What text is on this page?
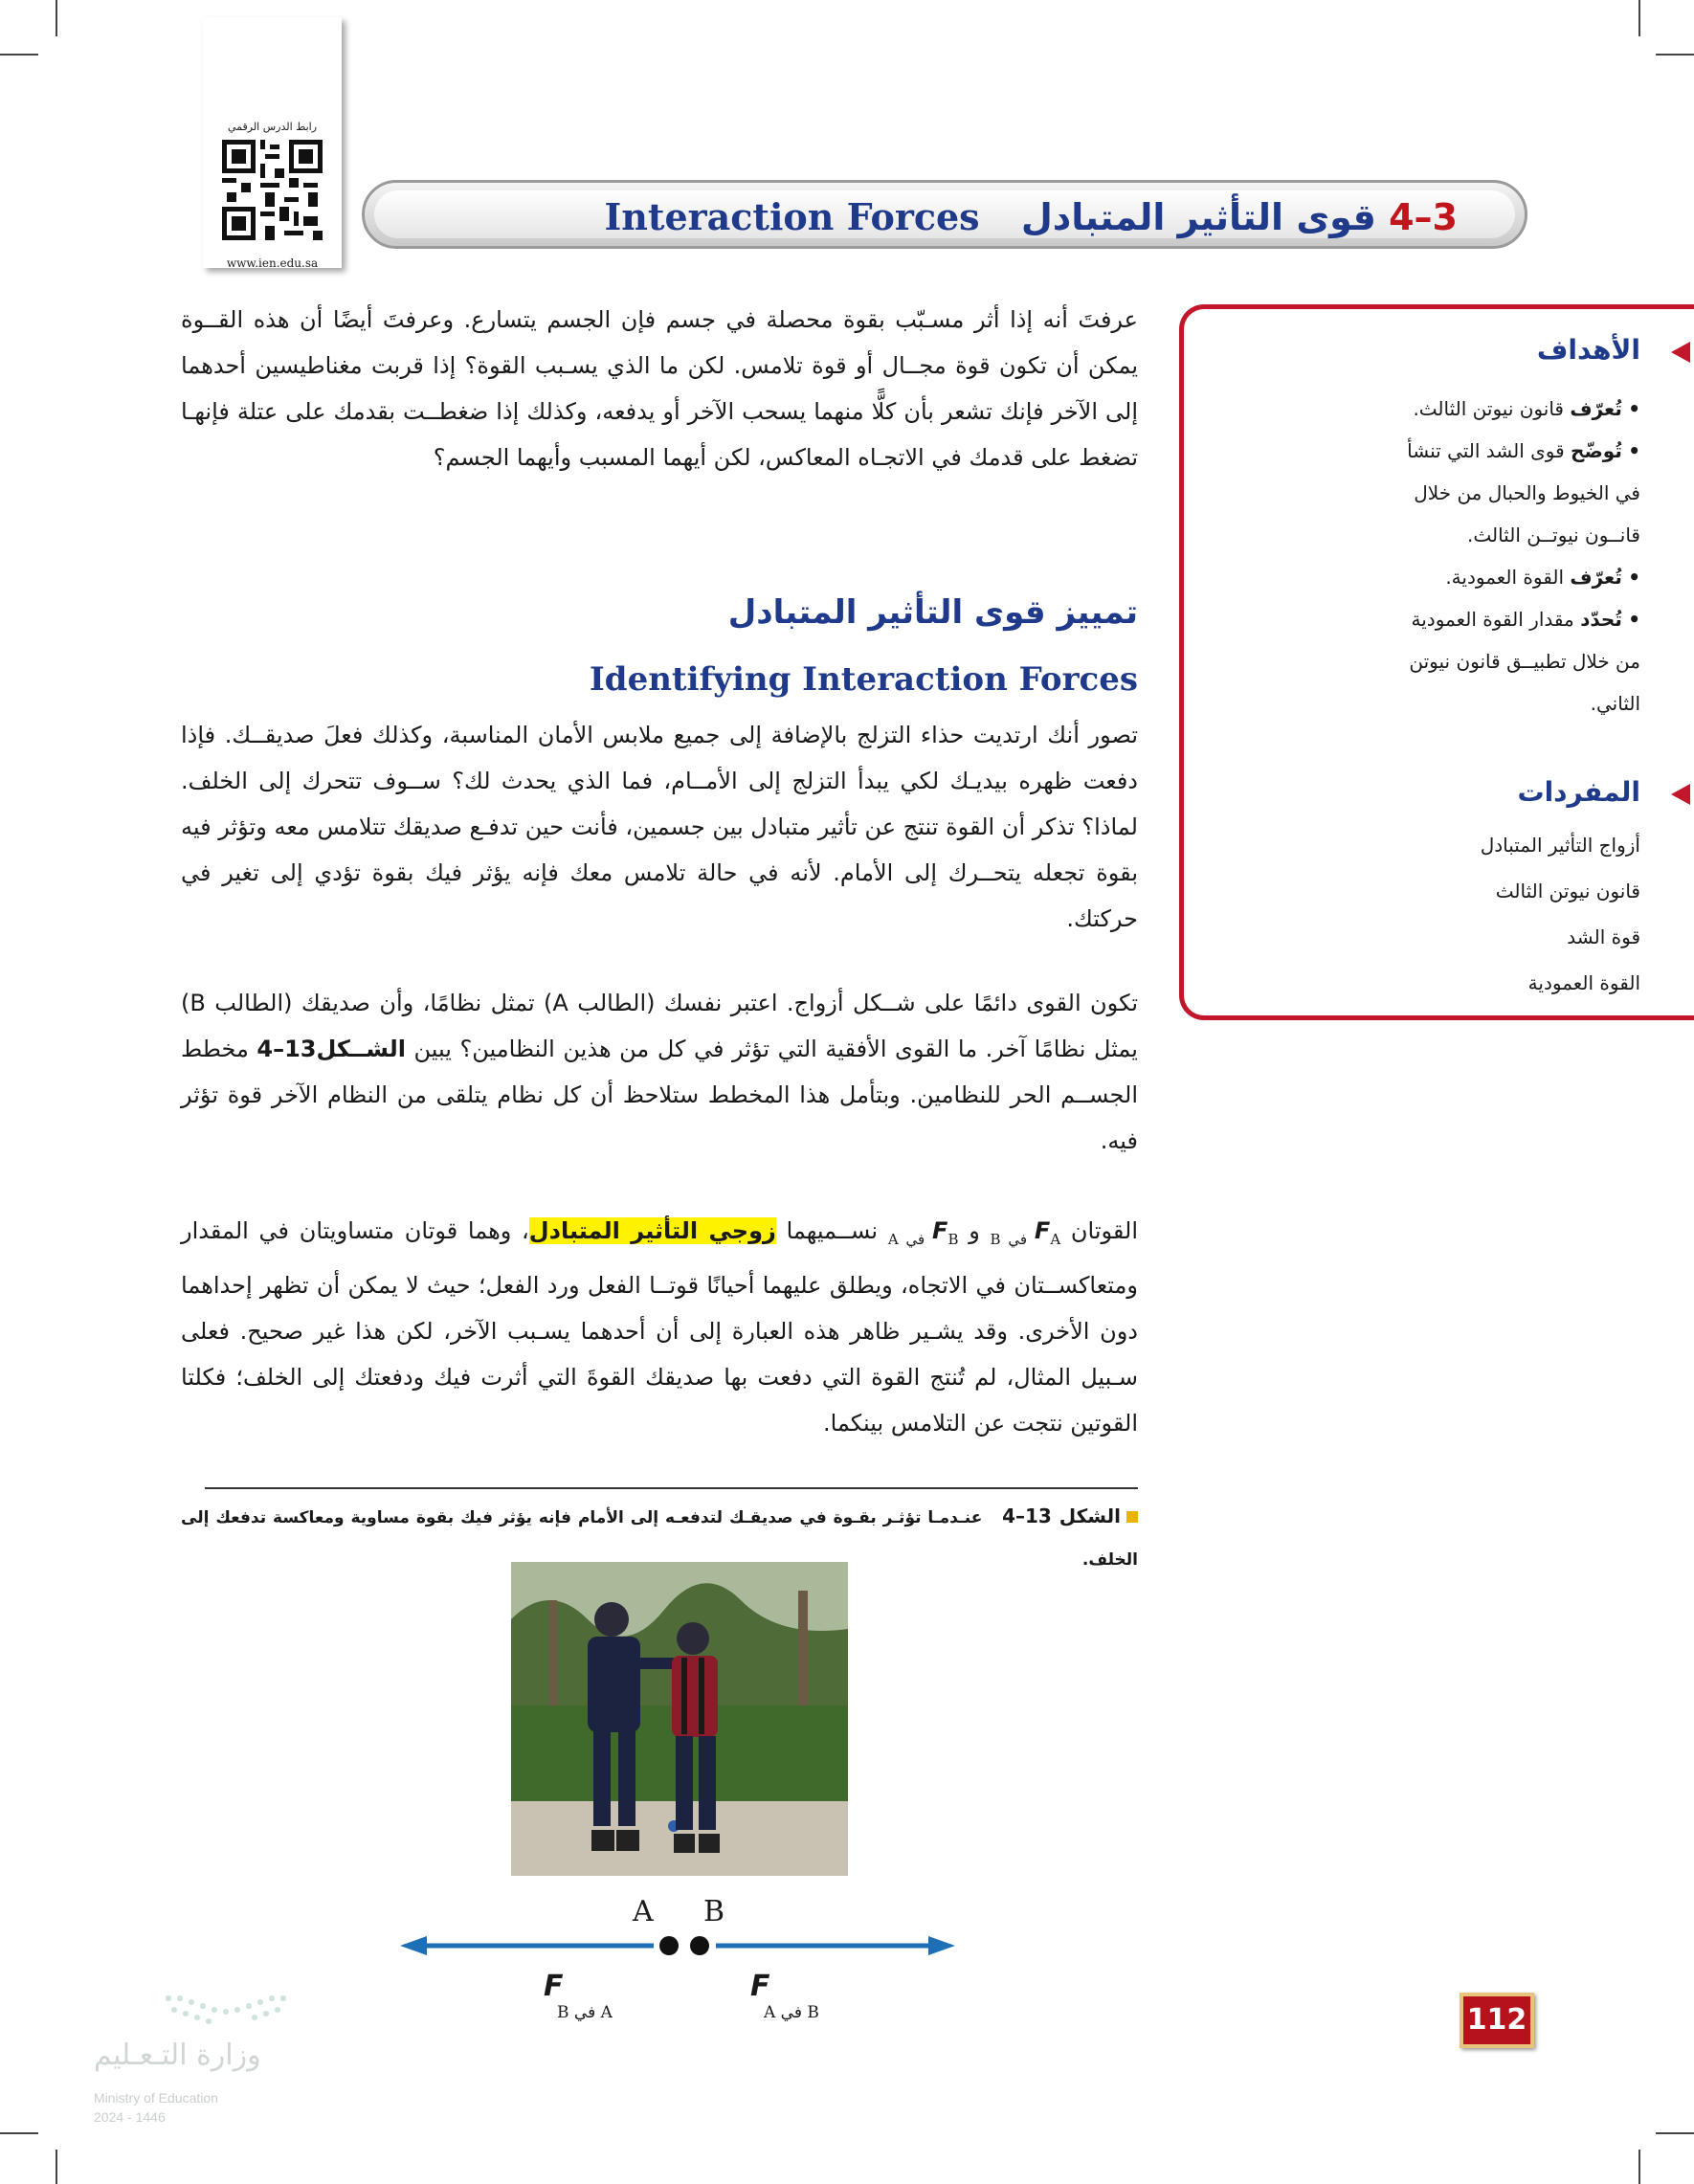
رابط الدرس الرقمي
www.ien.edu.sa
3–4 قوى التأثير المتبادل Interaction Forces
الأهداف
• تُعرّف قانون نيوتن الثالث.
• تُوضّح قوى الشد التي تنشأ في الخيوط والحبال من خلال قانــون نيوتــن الثالث.
• تُعرّف القوة العمودية.
• تُحدّد مقدار القوة العمودية من خلال تطبيــق قانون نيوتن الثاني.
المفردات
أزواج التأثير المتبادل
قانون نيوتن الثالث
قوة الشد
القوة العمودية
عرفتَ أنه إذا أثر مسـبّب بقوة محصلة في جسم فإن الجسم يتسارع. وعرفتَ أيضًا أن هذه القــوة يمكن أن تكون قوة مجــال أو قوة تلامس. لكن ما الذي يسـبب القوة؟ إذا قربت مغناطيسين أحدهما إلى الآخر فإنك تشعر بأن كلًّا منهما يسحب الآخر أو يدفعه، وكذلك إذا ضغطــت بقدمك على عتلة فإنهـا تضغط على قدمك في الاتجـاه المعاكس، لكن أيهما المسبب وأيهما الجسم؟
تمييز قوى التأثير المتبادل
Identifying Interaction Forces
تصور أنك ارتديت حذاء التزلج بالإضافة إلى جميع ملابس الأمان المناسبة، وكذلك فعلَ صديقــك. فإذا دفعت ظهره بيديـك لكي يبدأ التزلج إلى الأمــام، فما الذي يحدث لك؟ ســوف تتحرك إلى الخلف. لماذا؟ تذكر أن القوة تنتج عن تأثير متبادل بين جسمين، فأنت حين تدفـع صديقك تتلامس معه وتؤثر فيه بقوة تجعله يتحــرك إلى الأمام. لأنه في حالة تلامس معك فإنه يؤثر فيك بقوة تؤدي إلى تغير في حركتك.
تكون القوى دائمًا على شــكل أزواج. اعتبر نفسك (الطالب A) تمثل نظامًا، وأن صديقك (الطالب B) يمثل نظامًا آخر. ما القوى الأفقية التي تؤثر في كل من هذين النظامين؟ يبين الشــكل13–4 مخطط الجســم الحر للنظامين. وبتأمل هذا المخطط ستلاحظ أن كل نظام يتلقى من النظام الآخر قوة تؤثر فيه.
القوتان $F_{A في B}$ و $F_{B في A}$ نســميهما زوجي التأثير المتبادل، وهما قوتان متساويتان في المقدار ومتعاكســتان في الاتجاه، ويطلق عليهما أحيانًا قوتــا الفعل ورد الفعل؛ حيث لا يمكن أن تظهر إحداهما دون الأخرى. وقد يشـير ظاهر هذه العبارة إلى أن أحدهما يسـبب الآخر، لكن هذا غير صحيح. فعلى سـبيل المثال، لم تُنتج القوة التي دفعت بها صديقك القوةَ التي أثرت فيك ودفعتك إلى الخلف؛ فكلتا القوتين نتجت عن التلامس بينكما.
الشكل 13–4   عنـدمـا تؤثـر بقـوة في صديقـك لتدفعـه إلى الأمام فإنه يؤثر فيك بقوة مساوية ومعاكسة تدفعك إلى الخلف.
A B
F
A في B
F
B في A	112
وزارة التـعـليم
Ministry of Education
2024 - 1446
